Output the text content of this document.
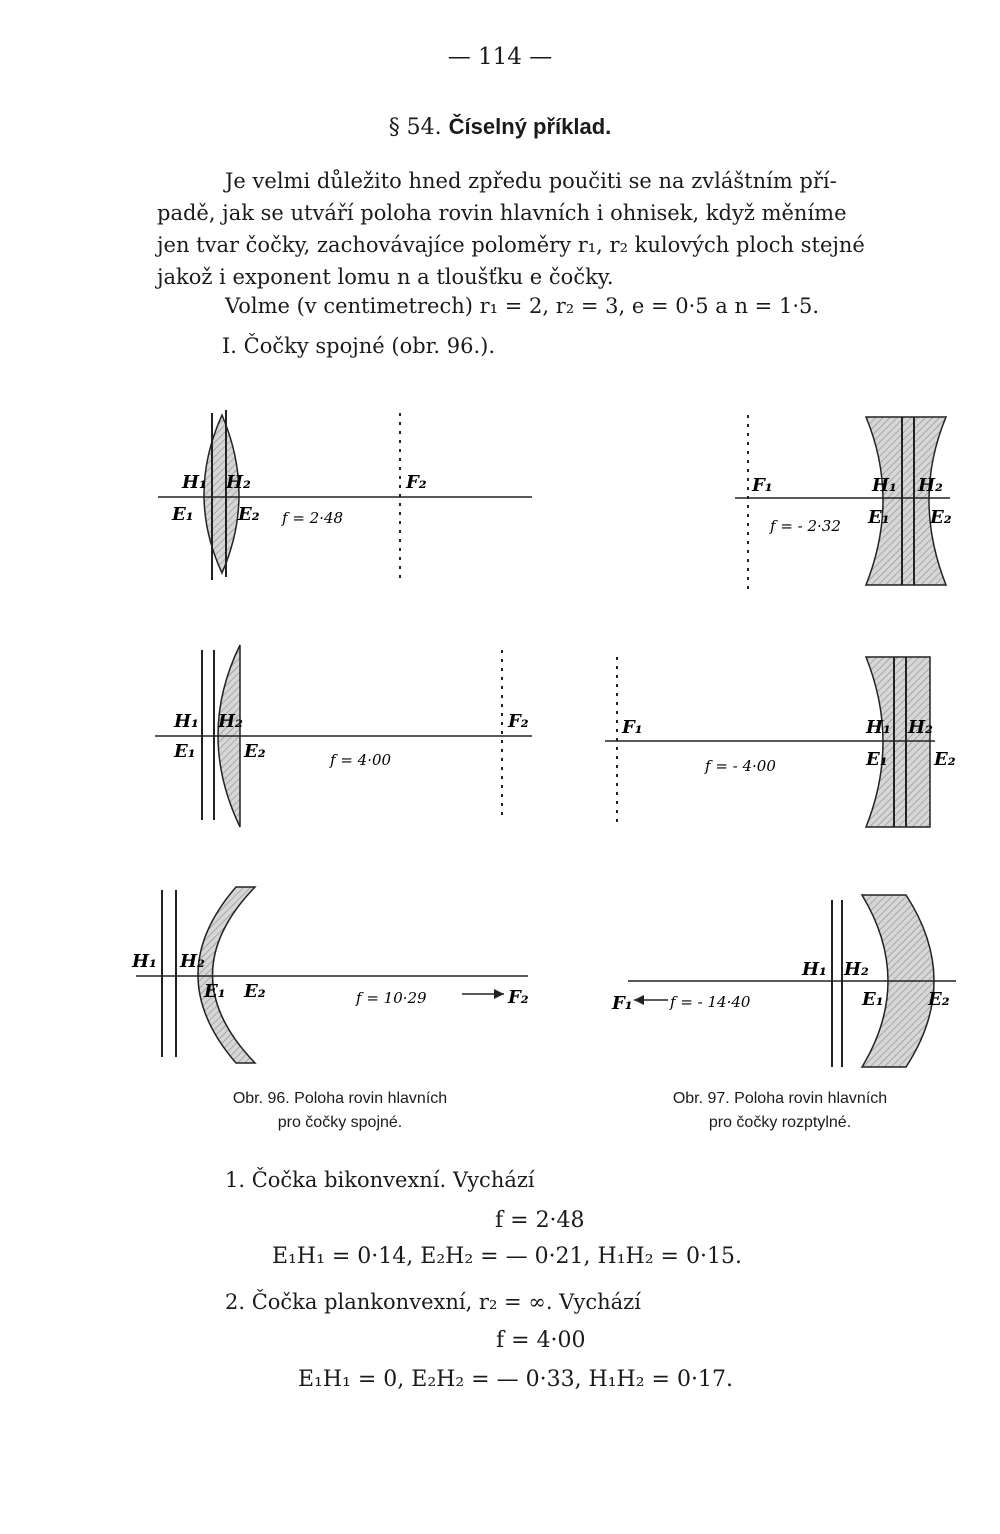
— 114 —
§ 54. Číselný příklad.
Je velmi důležito hned zpředu poučiti se na zvláštním pří-
padě, jak se utváří poloha rovin hlavních i ohnisek, když měníme
jen tvar čočky, zachovávajíce poloměry r₁, r₂ kulových ploch stejné
jakož i exponent lomu n a tloušťku e čočky.
Volme (v centimetrech) r₁ = 2, r₂ = 3, e = 0·5 a n = 1·5.
I. Čočky spojné (obr. 96.).
H₁ H₂
E₁ E₂
F₂
f = 2·48
H₁ H₂
E₁	E₂
F₂
f = 4·00
H₁ H₂
E₁ E₂	f = 10·29	F₂
F₁	H₁ H₂
E₁ E₂
f = - 2·32
F₁	H₁ H₂
E₁	E₂
f = - 4·00
H₁ H₂
E₁ E₂
F₁ f = - 14·40
Obr. 96. Poloha rovin hlavních
pro čočky spojné.
Obr. 97. Poloha rovin hlavních
pro čočky rozptylné.
1. Čočka bikonvexní. Vychází
f = 2·48
E₁H₁ = 0·14, E₂H₂ = — 0·21, H₁H₂ = 0·15.
2. Čočka plankonvexní, r₂ = ∞. Vychází
f = 4·00
E₁H₁ = 0, E₂H₂ = — 0·33, H₁H₂ = 0·17.
